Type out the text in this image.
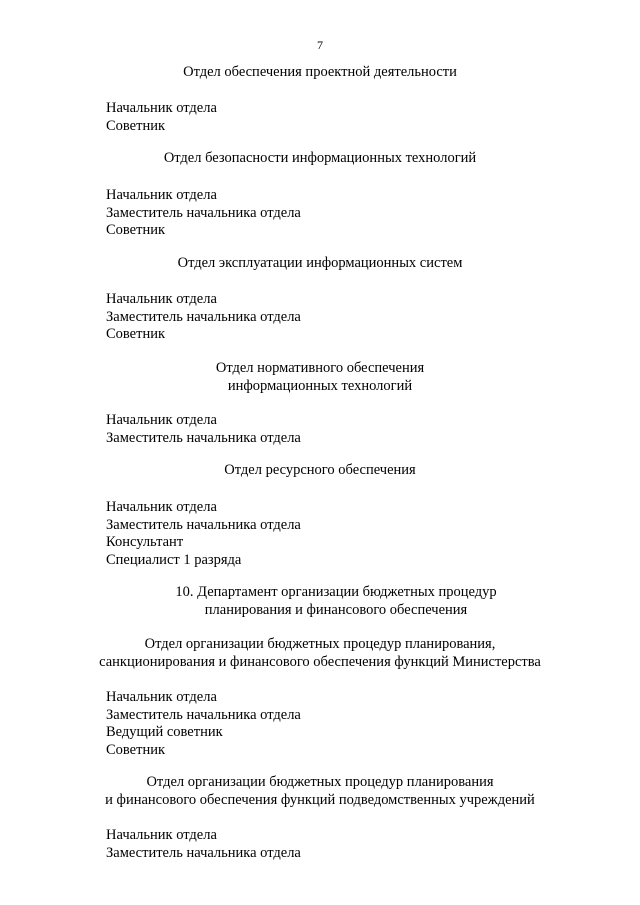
7
Отдел обеспечения проектной деятельности
Начальник отдела
Советник
Отдел безопасности информационных технологий
Начальник отдела
Заместитель начальника отдела
Советник
Отдел эксплуатации информационных систем
Начальник отдела
Заместитель начальника отдела
Советник
Отдел нормативного обеспечения
информационных технологий
Начальник отдела
Заместитель начальника отдела
Отдел ресурсного обеспечения
Начальник отдела
Заместитель начальника отдела
Консультант
Специалист 1 разряда
10. Департамент организации бюджетных процедур
планирования и финансового обеспечения
Отдел организации бюджетных процедур планирования,
санкционирования и финансового обеспечения функций Министерства
Начальник отдела
Заместитель начальника отдела
Ведущий советник
Советник
Отдел организации бюджетных процедур планирования
и финансового обеспечения функций подведомственных учреждений
Начальник отдела
Заместитель начальника отдела
